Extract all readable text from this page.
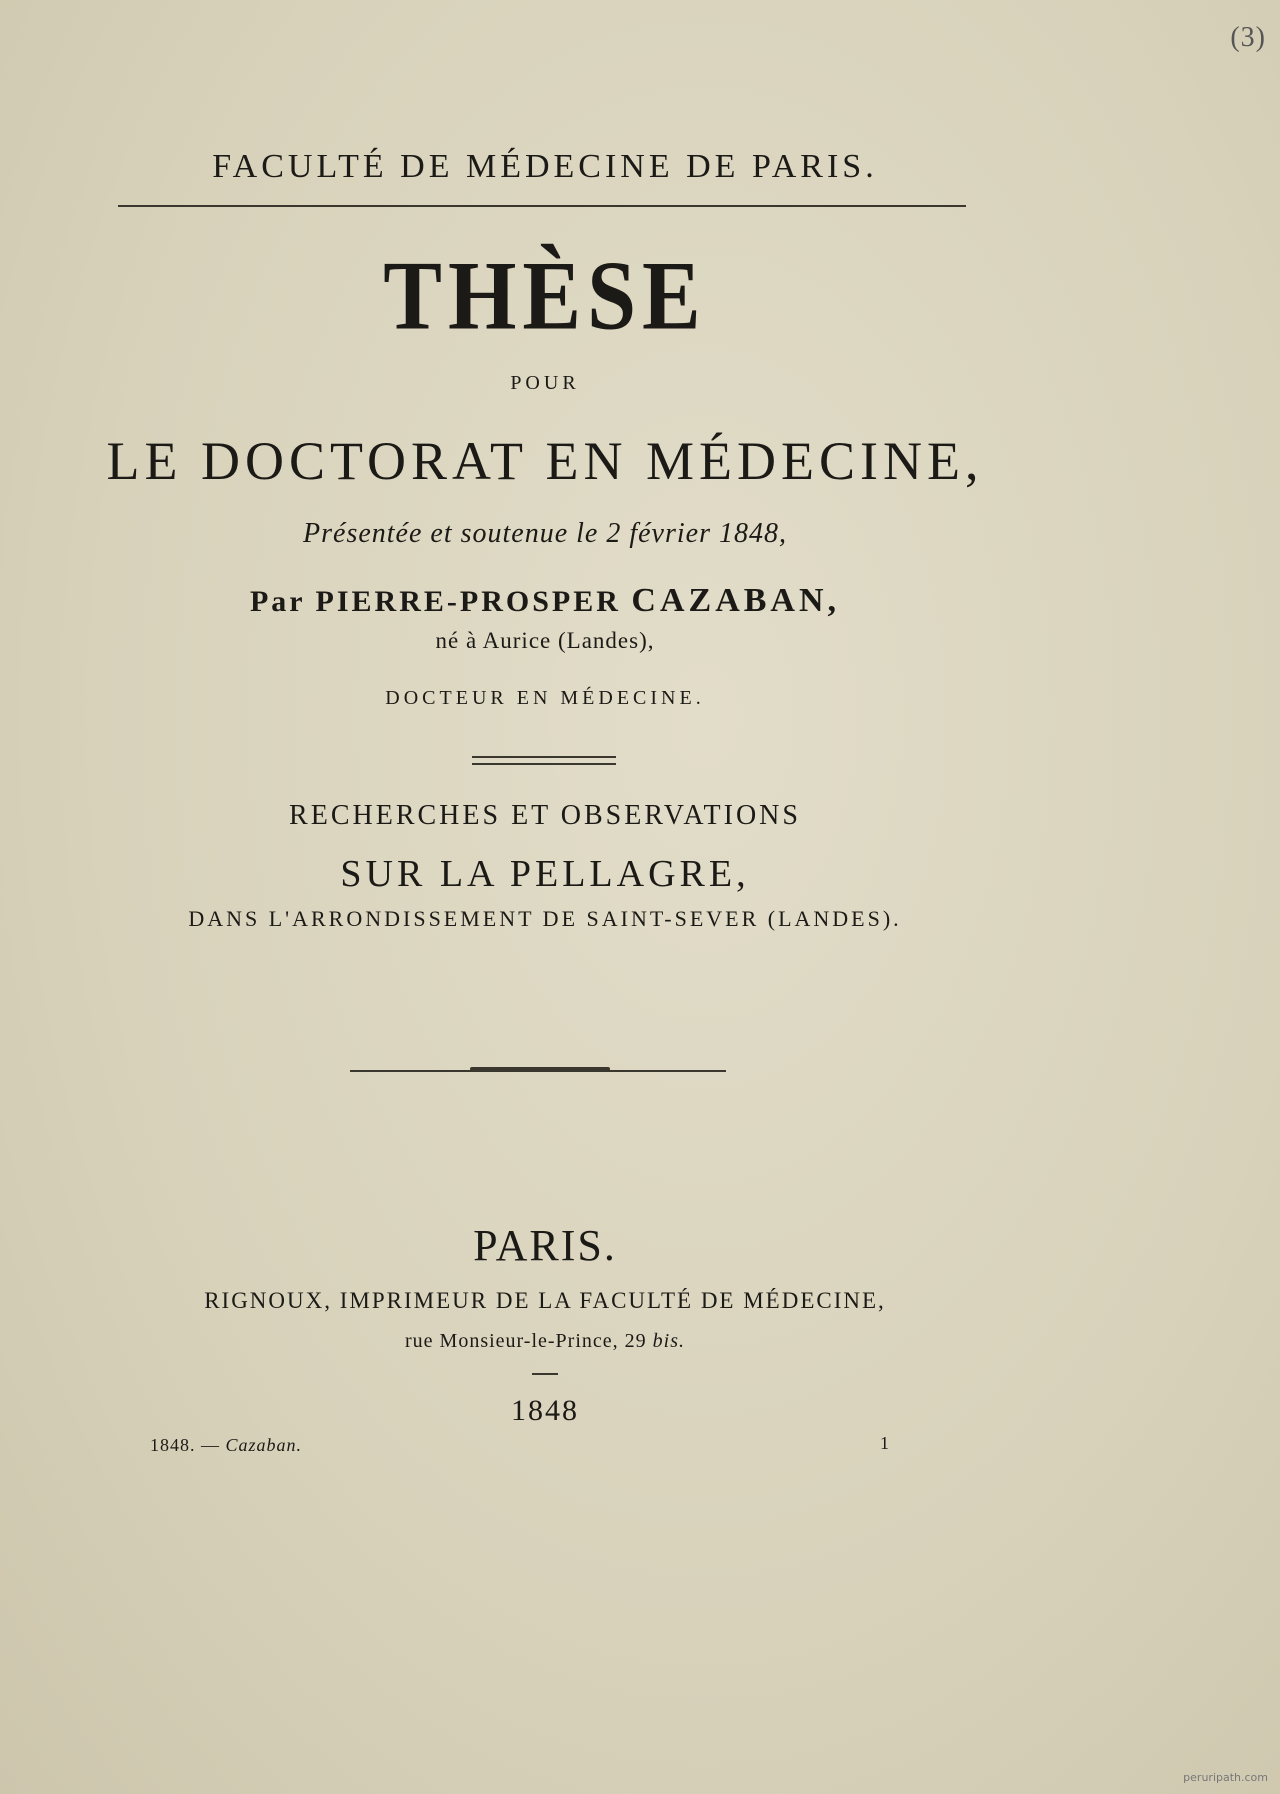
(3)
FACULTÉ DE MÉDECINE DE PARIS.
THÈSE
POUR
LE DOCTORAT EN MÉDECINE,
Présentée et soutenue le 2 février 1848,
Par PIERRE-PROSPER CAZABAN,
né à Aurice (Landes),
DOCTEUR EN MÉDECINE.
RECHERCHES ET OBSERVATIONS
SUR LA PELLAGRE,
DANS L'ARRONDISSEMENT DE SAINT-SEVER (LANDES).
PARIS.
RIGNOUX, IMPRIMEUR DE LA FACULTÉ DE MÉDECINE,
rue Monsieur-le-Prince, 29 bis.
1848
1848. — Cazaban.	1
peruripath.com
